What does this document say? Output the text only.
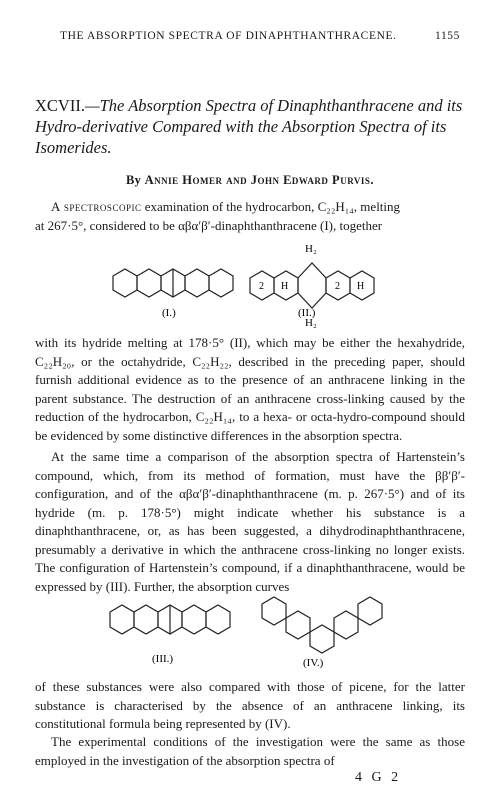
THE ABSORPTION SPECTRA OF DINAPHTHANTHRACENE.	1155
XCVII.—The Absorption Spectra of Dinaphthanthracene and its Hydro-derivative Compared with the Absorption Spectra of its Isomerides.
By Annie Homer and John Edward Purvis.
A spectroscopic examination of the hydrocarbon, C₂₂H₁₄, melting
at 267·5°, considered to be αβα′β′-dinaphthanthracene (I), together
(I.)
H₂
H₂
2 H	2 H
(II.)
with its hydride melting at 178·5° (II), which may be either the hexahydride, C₂₂H₂₀, or the octahydride, C₂₂H₂₂, described in the preceding paper, should furnish additional evidence as to the presence of an anthracene linking in the parent substance. The destruction of an anthracene cross-linking caused by the reduction of the hydrocarbon, C₂₂H₁₄, to a hexa- or octa-hydro-compound should be evidenced by some distinctive differences in the absorption spectra.
At the same time a comparison of the absorption spectra of Hartenstein’s compound, which, from its method of formation, must have the ββ′β′-configuration, and of the αβα′β′-dinaphthanthracene (m. p. 267·5°) and of its hydride (m. p. 178·5°) might indicate whether his substance is a dinaphthanthracene, or, as has been suggested, a dihydrodinaphthanthracene, presumably a derivative in which the anthracene cross-linking no longer exists. The configuration of Hartenstein’s compound, if a dinaphthanthracene, would be expressed by (III). Further, the absorption curves
(III.)	(IV.)
of these substances were also compared with those of picene, for the latter substance is characterised by the absence of an anthracene linking, its constitutional formula being represented by (IV).
The experimental conditions of the investigation were the same as those employed in the investigation of the absorption spectra of
4 G 2
